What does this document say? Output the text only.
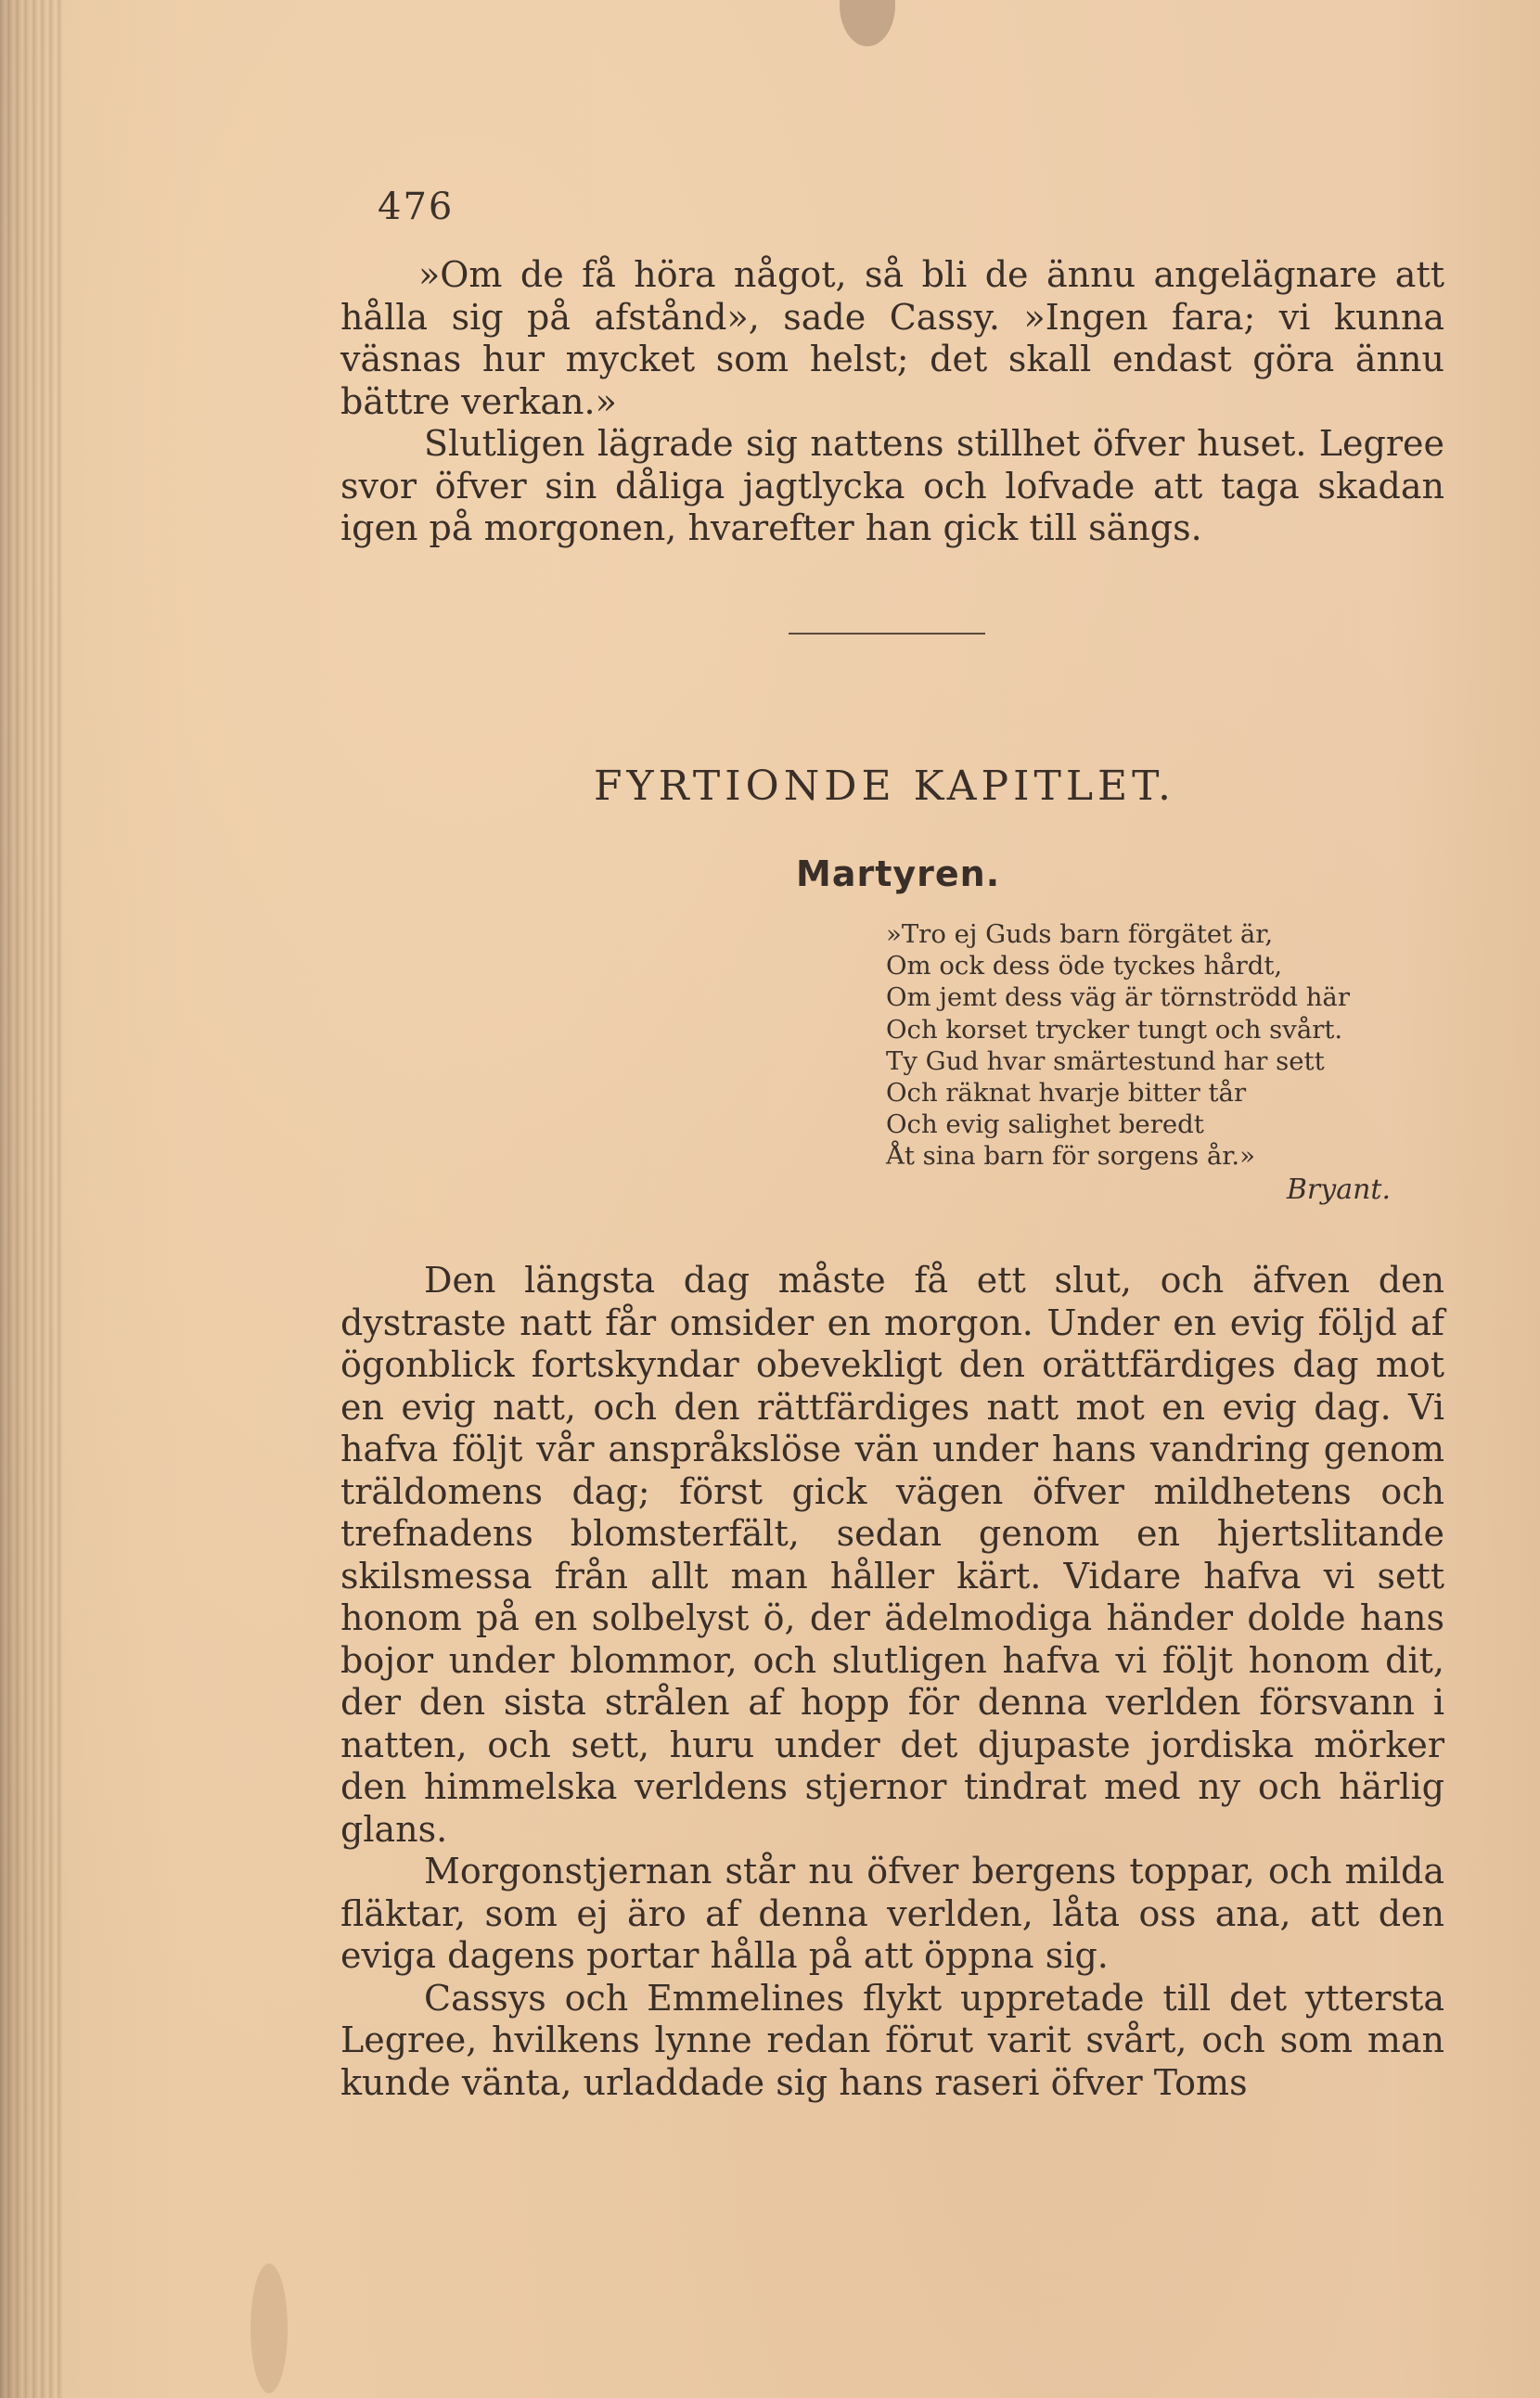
476

»Om de få höra något, så bli de ännu angelägnare att hålla sig på afstånd», sade Cassy. »Ingen fara; vi kunna väsnas hur mycket som helst; det skall endast göra ännu bättre verkan.»

Slutligen lägrade sig nattens stillhet öfver huset. Legree svor öfver sin dåliga jagtlycka och lofvade att taga skadan igen på morgonen, hvarefter han gick till sängs.

FYRTIONDE KAPITLET.
Martyren.
»Tro ej Guds barn förgätet är,
Om ock dess öde tyckes hårdt,
Om jemt dess väg är törnströdd här
Och korset trycker tungt och svårt.
Ty Gud hvar smärtestund har sett
Och räknat hvarje bitter tår
Och evig salighet beredt
Åt sina barn för sorgens år.»
Bryant.

Den längsta dag måste få ett slut, och äfven den dystraste natt får omsider en morgon. Under en evig följd af ögonblick fortskyndar obevekligt den orättfärdiges dag mot en evig natt, och den rättfärdiges natt mot en evig dag. Vi hafva följt vår anspråkslöse vän under hans vandring genom träldomens dag; först gick vägen öfver mildhetens och trefnadens blomsterfält, sedan genom en hjertslitande skilsmessa från allt man håller kärt. Vidare hafva vi sett honom på en solbelyst ö, der ädelmodiga händer dolde hans bojor under blommor, och slutligen hafva vi följt honom dit, der den sista strålen af hopp för denna verlden försvann i natten, och sett, huru under det djupaste jordiska mörker den himmelska verldens stjernor tindrat med ny och härlig glans.

Morgonstjernan står nu öfver bergens toppar, och milda fläktar, som ej äro af denna verlden, låta oss ana, att den eviga dagens portar hålla på att öppna sig.

Cassys och Emmelines flykt uppretade till det yttersta Legree, hvilkens lynne redan förut varit svårt, och som man kunde vänta, urladdade sig hans raseri öfver Toms
